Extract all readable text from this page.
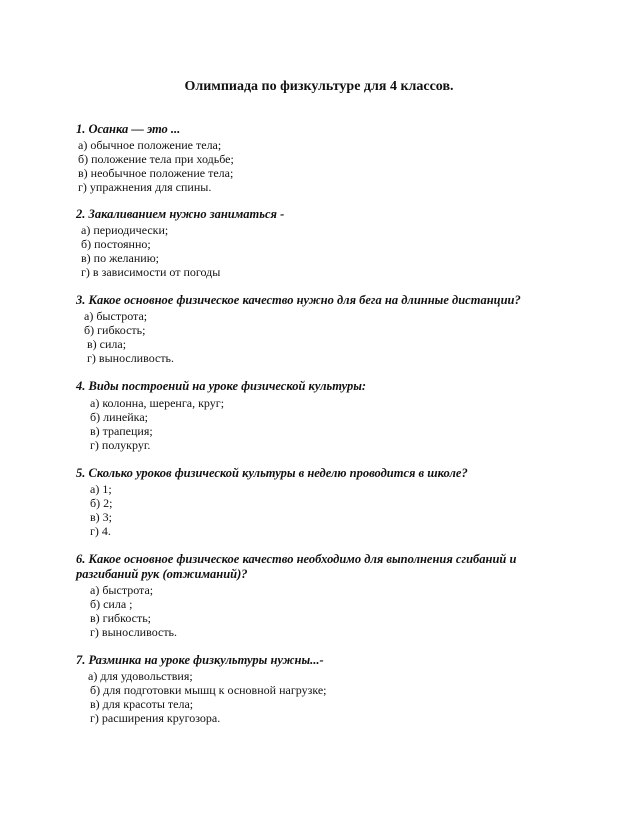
Олимпиада по физкультуре для 4 классов.
1. Осанка — это ...
а) обычное положение тела;
б) положение тела при ходьбе;
в) необычное положение тела;
г) упражнения для спины.
2. Закаливанием нужно заниматься -
а) периодически;
б) постоянно;
в) по желанию;
г) в зависимости от погоды
3. Какое основное физическое качество нужно для бега на длинные дистанции?
а) быстрота;
б) гибкость;
в) сила;
г) выносливость.
4. Виды построений на уроке физической культуры:
а) колонна, шеренга, круг;
б) линейка;
в) трапеция;
г) полукруг.
5. Сколько уроков физической культуры в неделю проводится в школе?
а) 1;
б) 2;
в) 3;
г) 4.
6. Какое основное физическое качество необходимо для выполнения сгибаний и
разгибаний рук (отжиманий)?
а) быстрота;
б) сила ;
в) гибкость;
г) выносливость.
7. Разминка на уроке физкультуры нужны...-
а) для удовольствия;
б) для подготовки мышц к основной нагрузке;
в) для красоты тела;
г) расширения кругозора.
